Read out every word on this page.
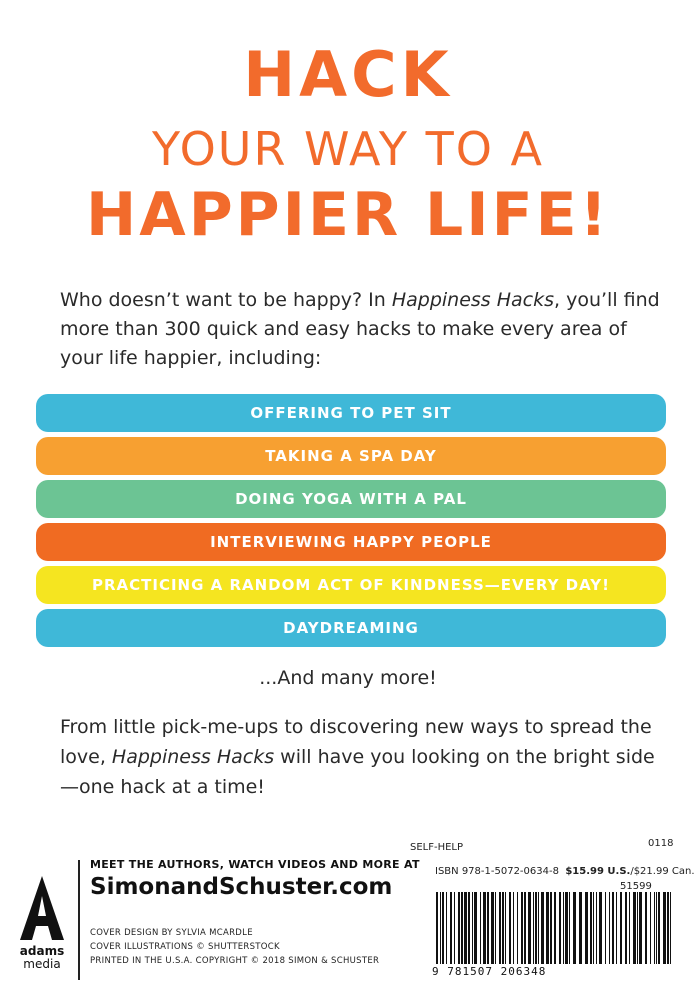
HACK
YOUR WAY TO A
HAPPIER LIFE!
Who doesn’t want to be happy? In Happiness Hacks, you’ll find more than 300 quick and easy hacks to make every area of your life happier, including:
OFFERING TO PET SIT
TAKING A SPA DAY
DOING YOGA WITH A PAL
INTERVIEWING HAPPY PEOPLE
PRACTICING A RANDOM ACT OF KINDNESS—EVERY DAY!
DAYDREAMING
...And many more!
From little pick-me-ups to discovering new ways to spread the love, Happiness Hacks will have you looking on the bright side—one hack at a time!
adams
media
MEET THE AUTHORS, WATCH VIDEOS AND MORE AT
SimonandSchuster.com
COVER DESIGN BY SYLVIA MCARDLE
COVER ILLUSTRATIONS © SHUTTERSTOCK
PRINTED IN THE U.S.A. COPYRIGHT © 2018 SIMON & SCHUSTER
SELF-HELP	0118
ISBN 978-1-5072-0634-8 $15.99 U.S./$21.99 Can.
51599
9 781507 206348
